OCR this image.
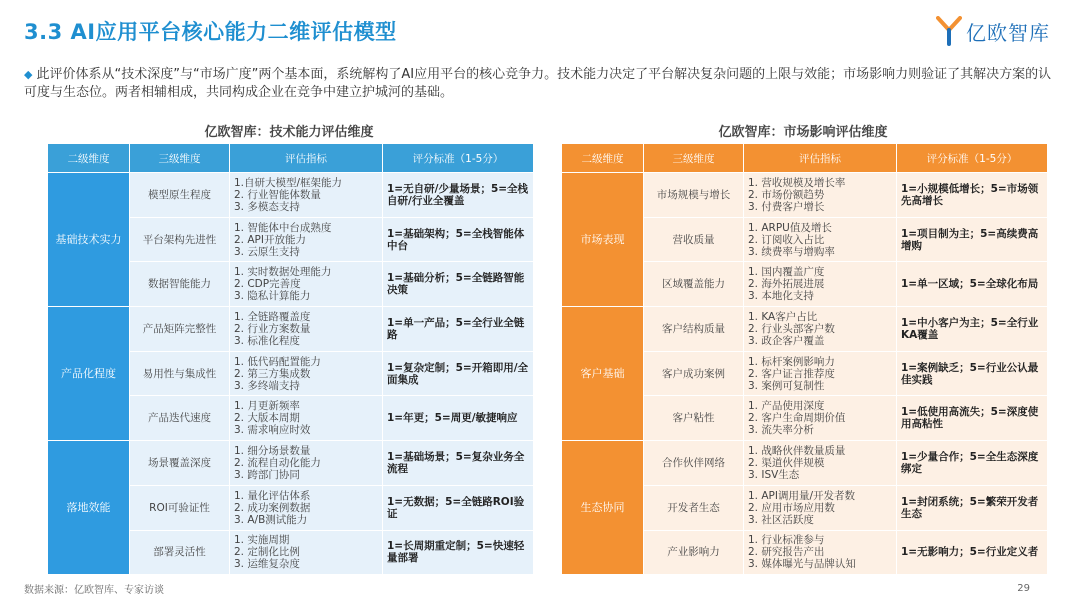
3.3 AI应用平台核心能力二维评估模型	亿欧智库
◆ 此评价体系从“技术深度”与“市场广度”两个基本面，系统解构了AI应用平台的核心竞争力。技术能力决定了平台解决复杂问题的上限与效能；市场影响力则验证了其解决方案的认可度与生态位。两者相辅相成，共同构成企业在竞争中建立护城河的基础。
亿欧智库：技术能力评估维度	亿欧智库：市场影响评估维度
二级维度	三级维度	评估指标	评分标准（1-5分）
基础技术实力	模型原生程度	1.自研大模型/框架能力
2. 行业智能体数量
3. 多模态支持	1=无自研/少量场景；5=全栈自研/行业全覆盖
	平台架构先进性	1. 智能体中台成熟度
2. API开放能力
3. 云原生支持	1=基础架构；5=全栈智能体中台
	数据智能能力	1. 实时数据处理能力
2. CDP完善度
3. 隐私计算能力	1=基础分析；5=全链路智能决策
产品化程度	产品矩阵完整性	1. 全链路覆盖度
2. 行业方案数量
3. 标准化程度	1=单一产品；5=全行业全链路
	易用性与集成性	1. 低代码配置能力
2. 第三方集成数
3. 多终端支持	1=复杂定制；5=开箱即用/全面集成
	产品迭代速度	1. 月更新频率
2. 大版本周期
3. 需求响应时效	1=年更；5=周更/敏捷响应
落地效能	场景覆盖深度	1. 细分场景数量
2. 流程自动化能力
3. 跨部门协同	1=基础场景；5=复杂业务全流程
	ROI可验证性	1. 量化评估体系
2. 成功案例数据
3. A/B测试能力	1=无数据；5=全链路ROI验证
	部署灵活性	1. 实施周期
2. 定制化比例
3. 运维复杂度	1=长周期重定制；5=快速轻量部署
二级维度	三级维度	评估指标	评分标准（1-5分）
市场表现	市场规模与增长	1. 营收规模及增长率
2. 市场份额趋势
3. 付费客户增长	1=小规模低增长；5=市场领先高增长
	营收质量	1. ARPU值及增长
2. 订阅收入占比
3. 续费率与增购率	1=项目制为主；5=高续费高增购
	区域覆盖能力	1. 国内覆盖广度
2. 海外拓展进展
3. 本地化支持	1=单一区域；5=全球化布局
客户基础	客户结构质量	1. KA客户占比
2. 行业头部客户数
3. 政企客户覆盖	1=中小客户为主；5=全行业KA覆盖
	客户成功案例	1. 标杆案例影响力
2. 客户证言推荐度
3. 案例可复制性	1=案例缺乏；5=行业公认最佳实践
	客户粘性	1. 产品使用深度
2. 客户生命周期价值
3. 流失率分析	1=低使用高流失；5=深度使用高粘性
生态协同	合作伙伴网络	1. 战略伙伴数量质量
2. 渠道伙伴规模
3. ISV生态	1=少量合作；5=全生态深度绑定
	开发者生态	1. API调用量/开发者数
2. 应用市场应用数
3. 社区活跃度	1=封闭系统；5=繁荣开发者生态
	产业影响力	1. 行业标准参与
2. 研究报告产出
3. 媒体曝光与品牌认知	1=无影响力；5=行业定义者
数据来源：亿欧智库、专家访谈	29
